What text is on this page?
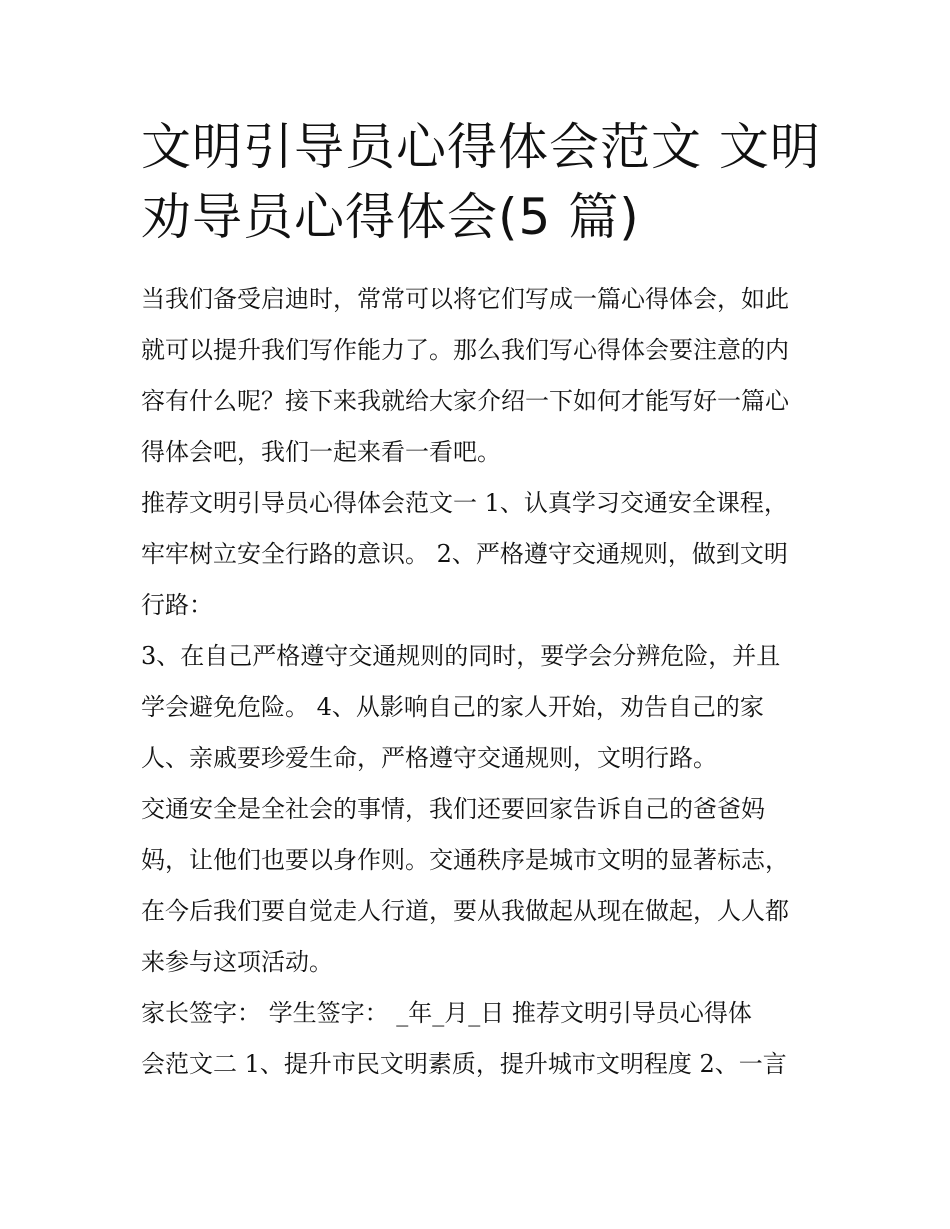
文明引导员心得体会范文 文明
劝导员心得体会(5 篇)
当我们备受启迪时，常常可以将它们写成一篇心得体会，如此
就可以提升我们写作能力了。那么我们写心得体会要注意的内
容有什么呢？接下来我就给大家介绍一下如何才能写好一篇心
得体会吧，我们一起来看一看吧。
推荐文明引导员心得体会范文一 1、认真学习交通安全课程，
牢牢树立安全行路的意识。 2、严格遵守交通规则，做到文明
行路：
3、在自己严格遵守交通规则的同时，要学会分辨危险，并且
学会避免危险。 4、从影响自己的家人开始，劝告自己的家
人、亲戚要珍爱生命，严格遵守交通规则，文明行路。
交通安全是全社会的事情，我们还要回家告诉自己的爸爸妈
妈，让他们也要以身作则。交通秩序是城市文明的显著标志，
在今后我们要自觉走人行道，要从我做起从现在做起，人人都
来参与这项活动。
家长签字： 学生签字： _年_月_日 推荐文明引导员心得体
会范文二 1、提升市民文明素质，提升城市文明程度 2、一言
